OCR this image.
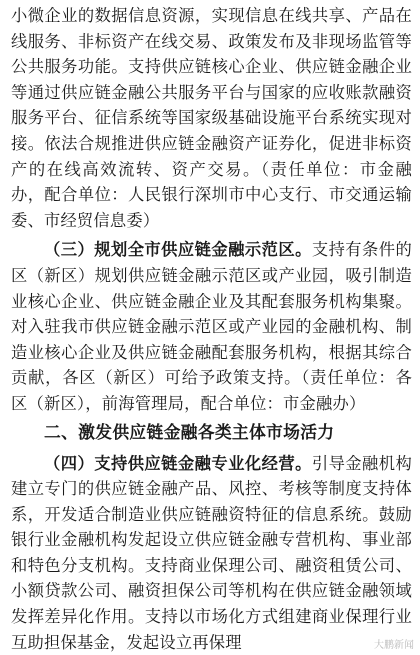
小微企业的数据信息资源，实现信息在线共享、产品在线服务、非标资产在线交易、政策发布及非现场监管等公共服务功能。支持供应链核心企业、供应链金融企业等通过供应链金融公共服务平台与国家的应收账款融资服务平台、征信系统等国家级基础设施平台系统实现对接。依法合规推进供应链金融资产证券化，促进非标资产的在线高效流转、资产交易。（责任单位：市金融办，配合单位：人民银行深圳市中心支行、市交通运输委、市经贸信息委）

（三）规划全市供应链金融示范区。支持有条件的区（新区）规划供应链金融示范区或产业园，吸引制造业核心企业、供应链金融企业及其配套服务机构集聚。对入驻我市供应链金融示范区或产业园的金融机构、制造业核心企业及供应链金融配套服务机构，根据其综合贡献，各区（新区）可给予政策支持。（责任单位：各区（新区），前海管理局，配合单位：市金融办）

二、激发供应链金融各类主体市场活力

（四）支持供应链金融专业化经营。引导金融机构建立专门的供应链金融产品、风控、考核等制度支持体系，开发适合制造业供应链融资特征的信息系统。鼓励银行业金融机构发起设立供应链金融专营机构、事业部和特色分支机构。支持商业保理公司、融资租赁公司、小额贷款公司、融资担保公司等机构在供应链金融领域发挥差异化作用。支持以市场化方式组建商业保理行业互助担保基金，发起设立再保理	大鹏新闻
